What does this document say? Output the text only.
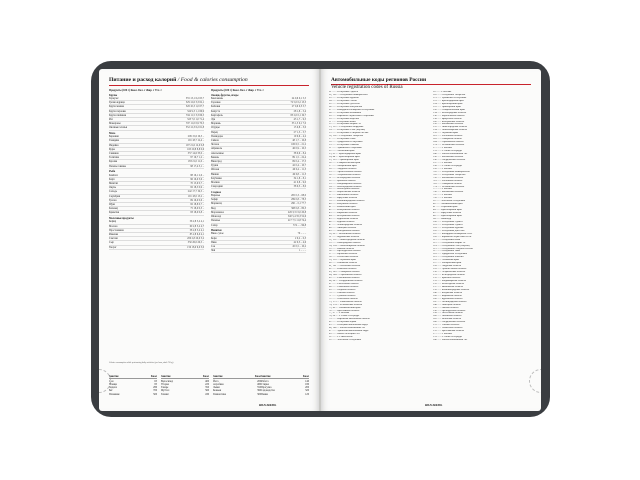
Питание и расход калорий / Food & calories consumption
Продукты (100 г) Ккал. Бел. г Жир. г Угл. г
Крупы
Геркулес	355 13,1 6,2 65,7
Гречка ядрица	329 12,6 3,3 62,1
Крупа манная	326 10,3 1,0 67,7
Крупа перловая	324 9,3 1,1 66,9
Крупа пшённая	334 11,5 3,3 66,5
Рис	323 7,0 1,0 71,4
Макароны	337 11,0 0,9 70,5
Овсяные хлопья	352 12,3 6,2 61,8
Мясо
Баранина	209 15,6 16,3 –
Говядина	191 18,7 12,4 –
Индейка	197 21,6 12,0 0,8
Куры	165 20,8 8,8 0,6
Свинина	357 14,6 33,0 –
Телятина	97 19,7 1,2 –
Кролик	183 21,0 11,0 –
Печень говяжья	98 17,4 3,1 –
Рыба
Камбала	88 16,1 2,6 –
Карп	96 16,0 3,6 –
Минтай	70 15,9 0,7 –
Окунь	82 18,5 0,9 –
Сельдь	242 17,7 19,5 –
Скумбрия	191 18,0 13,2 –
Треска	69 16,0 0,6 –
Щука	82 18,8 0,7 –
Кальмар	75 18,0 0,3 –
Креветки	83 18,0 0,8 –
Молочные продукты
Кефир	56 2,8 3,2 4,1
Молоко	60 2,8 3,2 4,7
Простокваша	58 2,8 3,2 4,1
Ряженка	85 2,8 6,0 4,1
Сметана	206 2,8 20,0 3,2
Сыр	350 26,0 26,5 –
Творог	156 18,0 9,0 3,0
Продукты (100 г) Ккал. Бел. г Жир. г Угл. г
Овощи, фрукты, ягоды
Баклажаны	24 0,6 0,1 5,5
Горошек	72 5,0 0,2 13,3
Кабачки	27 0,6 0,3 5,7
Капуста	28 1,8 – 5,4
Картофель	83 2,0 0,1 19,7
Лук	43 1,7 – 9,5
Морковь	33 1,3 0,1 7,0
Огурцы	15 0,8 – 3,0
Перец	27 1,3 – 5,7
Помидоры	19 0,6 – 4,2
Свёкла	48 1,7 – 10,8
Чеснок	106 6,5 – 21,2
Абрикосы	46 0,9 – 10,5
Апельсины	38 0,9 – 8,4
Бананы	89 1,5 – 22,4
Виноград	69 0,4 – 17,5
Груши	42 0,4 – 10,7
Яблоки	46 0,4 – 11,3
Вишня	49 0,8 – 11,3
Клубника	34 1,8 – 8,1
Малина	41 0,8 – 9,0
Смородина	38 0,3 – 8,0
Сладкое
Варенье	265 0,3 – 68,0
Зефир	299 0,8 – 78,3
Мармелад	290 – 0,1 77,7
Мед	308 0,8 – 80,3
Мороженое	226 3,3 15,0 20,8
Шоколад	540 5,4 35,3 52,6
Печенье	417 7,5 11,8 74,4
Сахар	374 – – 99,8
Напитки
Вино сухое	70 – – –
Кофе	2 0,2 – 0,3
Пиво	42 0,3 – 4,6
Сок	45 0,5 – 10,2
Чай	1 – – –
Calorie consumption while performing daily activities (per hour, adult 70 kg)
Занятие	Ккал
Сон	65
Чтение	85
Ходьба	280
Бег	700
Плавание	500
Занятие	Ккал
Велосипед	400
Уборка	220
Танцы	350
Футбол	560
Теннис	430
Занятие	Ккал
Йога	200
Аэробика	480
Лыжи	550
Коньки	390
Гимнастика	300
Занятие	Ккал
Работа	140
Стирка	180
Прогулка	200
Садоводство	320
Пение	120
BRAUBERG
Автомобильные коды регионов России
Vehicle registration codes of Russia
01 ....... Республика Адыгея
02, 102 ... Республика Башкортостан
03 ....... Республика Бурятия
04 ....... Республика Алтай
05 ....... Республика Дагестан
06 ....... Республика Ингушетия
07 ....... Кабардино-Балкарская Республика
08 ....... Республика Калмыкия
09 ....... Карачаево-Черкесская Республика
10 ....... Республика Карелия
11 ....... Республика Коми
12 ....... Республика Марий Эл
13, 113 ... Республика Мордовия
14 ....... Республика Саха (Якутия)
15 ....... Республика Северная Осетия
16, 116 ... Республика Татарстан
17 ....... Республика Тыва
18 ....... Удмуртская Республика
19 ....... Республика Хакасия
21 ....... Чувашская Республика
22 ....... Алтайский край
23, 93 .... Краснодарский край
24, 84 .... Красноярский край
25, 125 ... Приморский край
26 ....... Ставропольский край
27 ....... Хабаровский край
28 ....... Амурская область
29 ....... Архангельская область
30 ....... Астраханская область
31 ....... Белгородская область
32 ....... Брянская область
33 ....... Владимирская область
34 ....... Волгоградская область
35 ....... Вологодская область
36 ....... Воронежская область
37 ....... Ивановская область
38 ....... Иркутская область
39 ....... Калининградская область
40 ....... Калужская область
41 ....... Камчатский край
42 ....... Кемеровская область
43 ....... Кировская область
44 ....... Костромская область
45 ....... Курганская область
46 ....... Курская область
47 ....... Ленинградская область
48 ....... Липецкая область
49 ....... Магаданская область
50, 90 .... Московская область
51 ....... Мурманская область
52, 152 ... Нижегородская область
53 ....... Новгородская область
54, 154 ... Новосибирская область
55 ....... Омская область
56 ....... Оренбургская область
57 ....... Орловская область
58 ....... Пензенская область
59, 159 ... Пермский край
60 ....... Псковская область
61, 161 ... Ростовская область
62 ....... Рязанская область
63, 163 ... Самарская область
64, 164 ... Саратовская область
65 ....... Сахалинская область
66, 96 .... Свердловская область
67 ....... Смоленская область
68 ....... Тамбовская область
69 ....... Тверская область
70 ....... Томская область
71 ....... Тульская область
72 ....... Тюменская область
73, 173 ... Ульяновская область
74, 174 ... Челябинская область
75, 80 .... Забайкальский край
76 ....... Ярославская область
77, 97 .... г. Москва
78, 98 .... г. Санкт-Петербург
79 ....... Еврейская автономная область
82 ....... Республика Крым
83 ....... Ненецкий автономный округ
86, 186 ... Ханты-Мансийский АО
87 ....... Чукотский автономный округ
89 ....... Ямало-Ненецкий АО
92 ....... г. Севастополь
95 ....... Чеченская Республика
99 ....... г. Москва
116 ...... Республика Татарстан
121 ...... Чувашская Республика
123 ...... Краснодарский край
124 ...... Красноярский край
125 ...... Приморский край
126 ...... Ставропольский край
134 ...... Волгоградская область
136 ...... Воронежская область
138 ...... Иркутская область
142 ...... Кемеровская область
150 ...... Московская область
152 ...... Нижегородская область
154 ...... Новосибирская область
159 ...... Пермский край
161 ...... Ростовская область
163 ...... Самарская область
164 ...... Саратовская область
174 ...... Челябинская область
177 ...... г. Москва
178 ...... г. Санкт-Петербург
186 ...... Ханты-Мансийский АО
190 ...... Московская область
196 ...... Свердловская область
197 ...... г. Москва
198 ...... г. Санкт-Петербург
199 ...... г. Москва
702 ...... Республика Башкортостан
716 ...... Республика Татарстан
750 ...... Московская область
761 ...... Ростовская область
763 ...... Самарская область
774 ...... Челябинская область
777 ...... г. Москва
790 ...... Московская область
797 ...... г. Москва
799 ...... г. Москва
20 ....... Чеченская Республика
80 ....... Забайкальский край
81 ....... Пермский край
84 ....... Красноярский край
85 ....... Иркутская область
88 ....... Красноярский край
94 ....... Байконур
100 ...... Республика Адыгея
101 ...... Республика Адыгея
103 ...... Республика Бурятия
105 ...... Республика Дагестан
107 ...... Кабардино-Балкарская Респ.
109 ...... Карачаево-Черкесская Респ.
111 ...... Республика Коми
112 ...... Республика Марий Эл
114 ...... Республика Саха (Якутия)
115 ...... Республика Северная Осетия
117 ...... Республика Тыва
118 ...... Удмуртская Республика
119 ...... Республика Хакасия
122 ...... Алтайский край
127 ...... Хабаровский край
128 ...... Амурская область
129 ...... Архангельская область
130 ...... Астраханская область
131 ...... Белгородская область
132 ...... Брянская область
133 ...... Владимирская область
135 ...... Вологодская область
137 ...... Ивановская область
139 ...... Калининградская область
140 ...... Калужская область
143 ...... Кировская область
145 ...... Курганская область
147 ...... Ленинградская область
148 ...... Липецкая область
155 ...... Омская область
156 ...... Оренбургская область
158 ...... Пензенская область
160 ...... Псковская область
162 ...... Рязанская область
166 ...... Свердловская область
170 ...... Томская область
172 ...... Тюменская область
176 ...... Ярославская область
177 ...... г. Москва
178 ...... г. Санкт-Петербург
186 ...... Ханты-Мансийский АО
BRAUBERG
